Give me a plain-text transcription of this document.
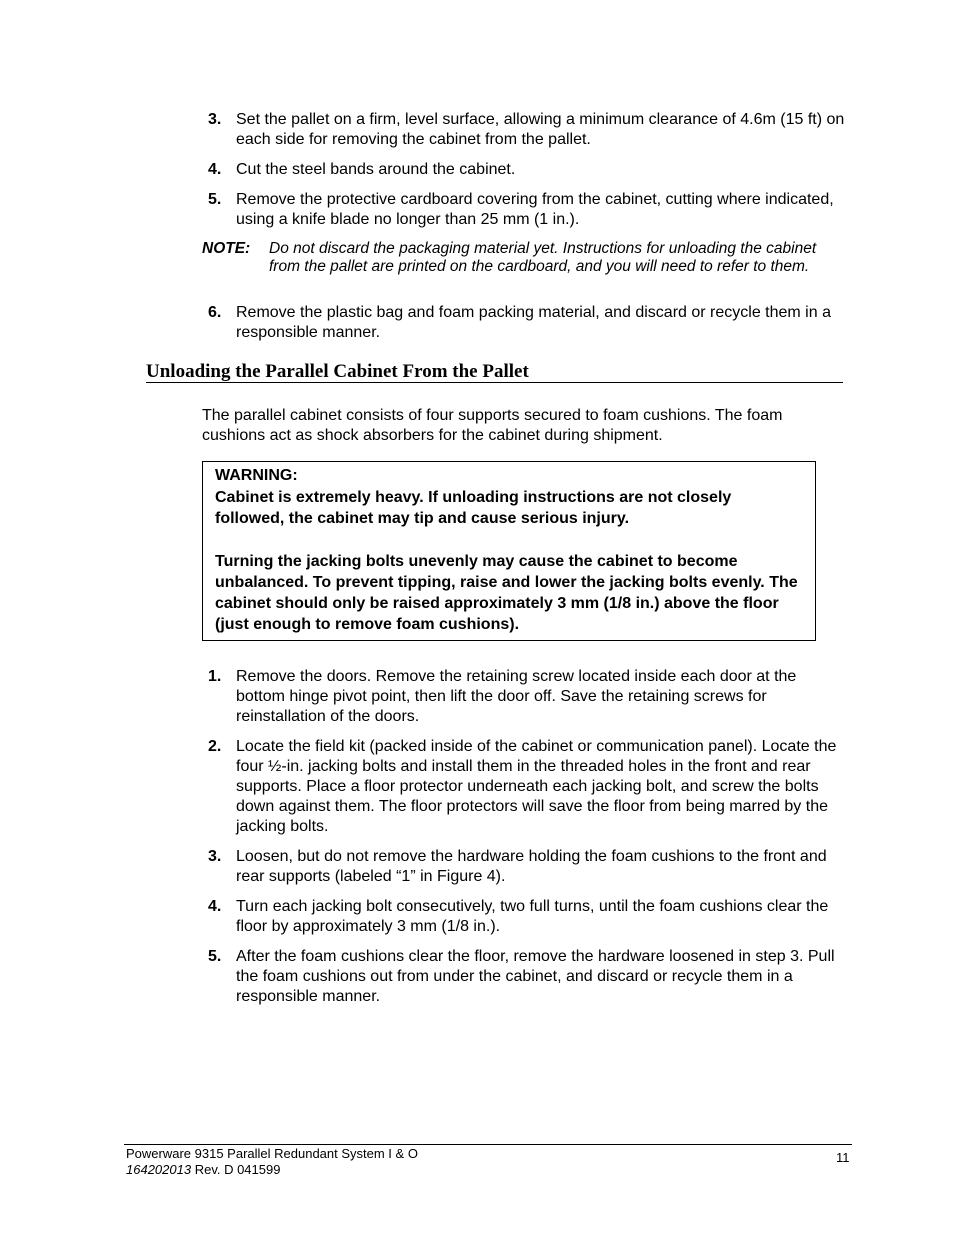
3. Set the pallet on a firm, level surface, allowing a minimum clearance of 4.6m (15 ft) on each side for removing the cabinet from the pallet.
4. Cut the steel bands around the cabinet.
5. Remove the protective cardboard covering from the cabinet, cutting where indicated, using a knife blade no longer than 25 mm (1 in.).
NOTE: Do not discard the packaging material yet. Instructions for unloading the cabinet from the pallet are printed on the cardboard, and you will need to refer to them.
6. Remove the plastic bag and foam packing material, and discard or recycle them in a responsible manner.
Unloading the Parallel Cabinet From the Pallet
The parallel cabinet consists of four supports secured to foam cushions. The foam cushions act as shock absorbers for the cabinet during shipment.
WARNING:
Cabinet is extremely heavy. If unloading instructions are not closely followed, the cabinet may tip and cause serious injury.
Turning the jacking bolts unevenly may cause the cabinet to become unbalanced. To prevent tipping, raise and lower the jacking bolts evenly. The cabinet should only be raised approximately 3 mm (1/8 in.) above the floor (just enough to remove foam cushions).
1. Remove the doors. Remove the retaining screw located inside each door at the bottom hinge pivot point, then lift the door off. Save the retaining screws for reinstallation of the doors.
2. Locate the field kit (packed inside of the cabinet or communication panel). Locate the four ½-in. jacking bolts and install them in the threaded holes in the front and rear supports. Place a floor protector underneath each jacking bolt, and screw the bolts down against them. The floor protectors will save the floor from being marred by the jacking bolts.
3. Loosen, but do not remove the hardware holding the foam cushions to the front and rear supports (labeled “1” in Figure 4).
4. Turn each jacking bolt consecutively, two full turns, until the foam cushions clear the floor by approximately 3 mm (1/8 in.).
5. After the foam cushions clear the floor, remove the hardware loosened in step 3. Pull the foam cushions out from under the cabinet, and discard or recycle them in a responsible manner.
Powerware 9315 Parallel Redundant System I & O
164202013 Rev. D 041599
11
